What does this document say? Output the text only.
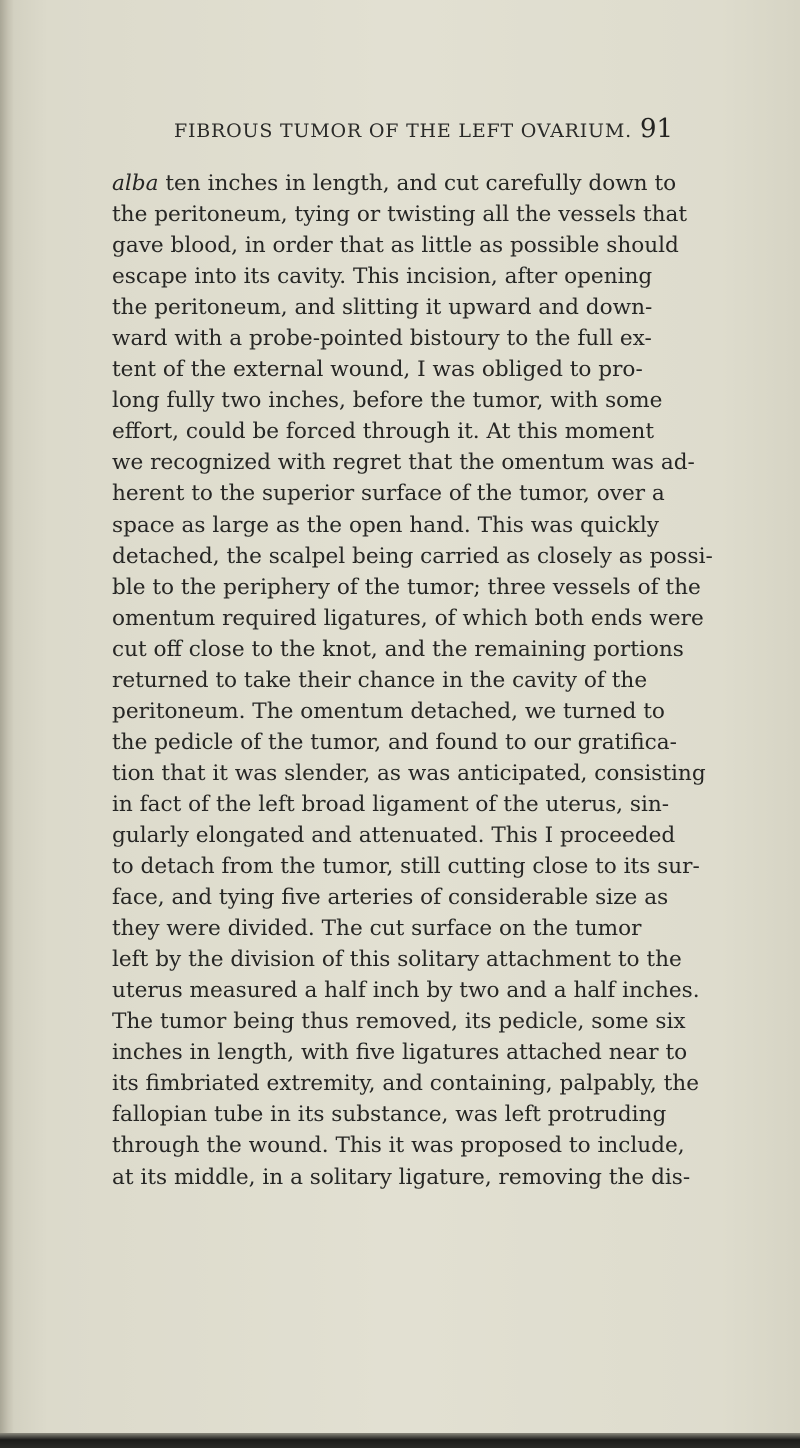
FIBROUS TUMOR OF THE LEFT OVARIUM. 91
alba ten inches in length, and cut carefully down to
the peritoneum, tying or twisting all the vessels that
gave blood, in order that as little as possible should
escape into its cavity. This incision, after opening
the peritoneum, and slitting it upward and down-
ward with a probe-pointed bistoury to the full ex-
tent of the external wound, I was obliged to pro-
long fully two inches, before the tumor, with some
effort, could be forced through it. At this moment
we recognized with regret that the omentum was ad-
herent to the superior surface of the tumor, over a
space as large as the open hand. This was quickly
detached, the scalpel being carried as closely as possi-
ble to the periphery of the tumor; three vessels of the
omentum required ligatures, of which both ends were
cut off close to the knot, and the remaining portions
returned to take their chance in the cavity of the
peritoneum. The omentum detached, we turned to
the pedicle of the tumor, and found to our gratifica-
tion that it was slender, as was anticipated, consisting
in fact of the left broad ligament of the uterus, sin-
gularly elongated and attenuated. This I proceeded
to detach from the tumor, still cutting close to its sur-
face, and tying five arteries of considerable size as
they were divided. The cut surface on the tumor
left by the division of this solitary attachment to the
uterus measured a half inch by two and a half inches.
The tumor being thus removed, its pedicle, some six
inches in length, with five ligatures attached near to
its fimbriated extremity, and containing, palpably, the
fallopian tube in its substance, was left protruding
through the wound. This it was proposed to include,
at its middle, in a solitary ligature, removing the dis-
